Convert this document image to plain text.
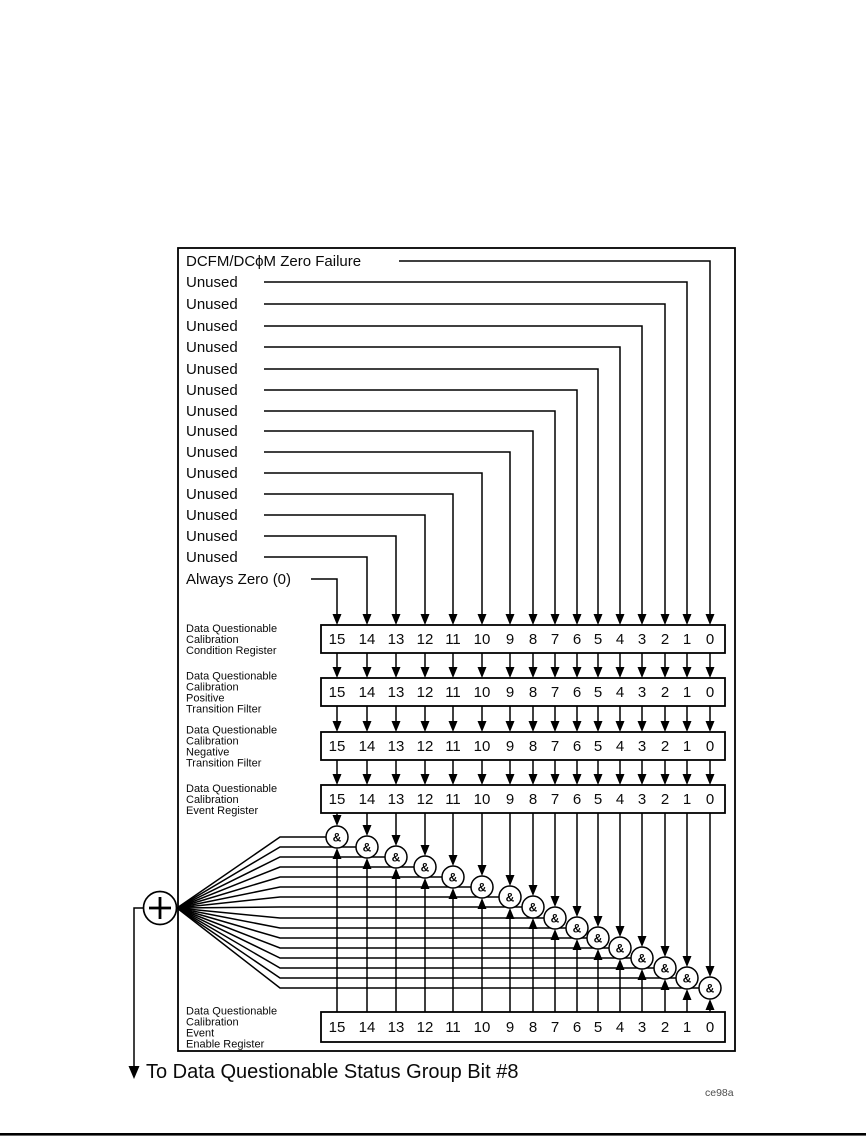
&
&
&
&
&
&
&
&
&
&
&
&
&
&
&
&
DCFM/DCϕM Zero Failure
Unused
Unused
Unused
Unused
Unused
Unused
Unused
Unused
Unused
Unused
Unused
Unused
Unused
Unused
Always Zero (0)
15 14 13 12 11 10 9 8 7 6 5 4 3 2 1 0
Data Questionable
Calibration
Condition Register
15 14 13 12 11 10 9 8 7 6 5 4 3 2 1 0
Data Questionable
Calibration
Positive
Transition Filter
15 14 13 12 11 10 9 8 7 6 5 4 3 2 1 0
Data Questionable
Calibration
Negative
Transition Filter
15 14 13 12 11 10 9 8 7 6 5 4 3 2 1 0
Data Questionable
Calibration
Event Register
15 14 13 12 11 10 9 8 7 6 5 4 3 2 1 0
Data Questionable
Calibration
Event
Enable Register
To Data Questionable Status Group Bit #8
ce98a
